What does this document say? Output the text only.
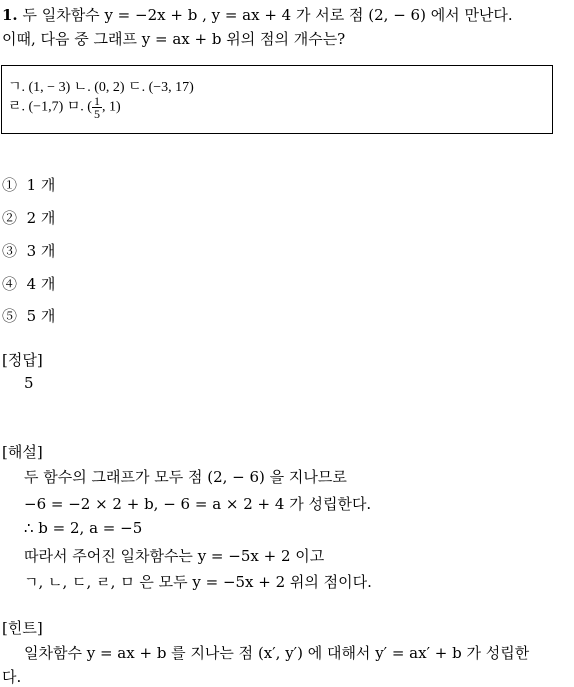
1. 두 일차함수 y = −2x + b , y = ax + 4 가 서로 점 (2, − 6) 에서 만난다.
이때, 다음 중 그래프 y = ax + b 위의 점의 개수는?
ㄱ. (1, − 3) ㄴ. (0, 2) ㄷ. (−3, 17)
ㄹ. (−1,7) ㅁ. ( $\frac{1}{5}$ , 1)
① 1 개
② 2 개
③ 3 개
④ 4 개
⑤ 5 개
[정답]
5
[해설]
두 함수의 그래프가 모두 점 (2, − 6) 을 지나므로
−6 = −2 × 2 + b, − 6 = a × 2 + 4 가 성립한다.
∴ b = 2, a = −5
따라서 주어진 일차함수는 y = −5x + 2 이고
ㄱ, ㄴ, ㄷ, ㄹ, ㅁ 은 모두 y = −5x + 2 위의 점이다.
[힌트]
일차함수 y = ax + b 를 지나는 점 (x′, y′) 에 대해서 y′ = ax′ + b 가 성립한
다.
